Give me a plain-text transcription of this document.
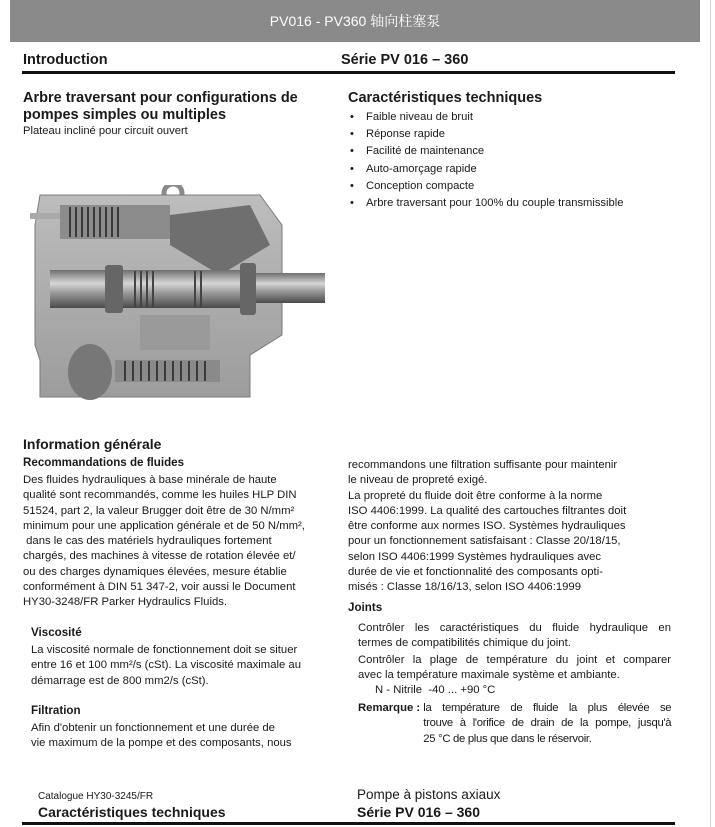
PV016 - PV360 轴向柱塞泵
Introduction	Série PV 016 – 360
Arbre traversant pour configurations de
pompes simples ou multiples
Plateau incliné pour circuit ouvert
Caractéristiques techniques
• Faible niveau de bruit
• Réponse rapide
• Facilité de maintenance
• Auto-amorçage rapide
• Conception compacte
• Arbre traversant pour 100% du couple transmissible
Information générale
Recommandations de fluides
Des fluides hydrauliques à base minérale de haute
qualité sont recommandés, comme les huiles HLP DIN
51524, part 2, la valeur Brugger doit être de 30 N/mm²
minimum pour une application générale et de 50 N/mm²,
dans le cas des matériels hydrauliques fortement
chargés, des machines à vitesse de rotation élevée et/
ou des charges dynamiques élevées, mesure établie
conformément à DIN 51 347-2, voir aussi le Document
HY30-3248/FR Parker Hydraulics Fluids.
Viscosité
La viscosité normale de fonctionnement doit se situer
entre 16 et 100 mm²/s (cSt). La viscosité maximale au
démarrage est de 800 mm2/s (cSt).
Filtration
Afin d'obtenir un fonctionnement et une durée de
vie maximum de la pompe et des composants, nous
recommandons une filtration suffisante pour maintenir
le niveau de propreté exigé.
La propreté du fluide doit être conforme à la norme
ISO 4406:1999. La qualité des cartouches filtrantes doit
être conforme aux normes ISO. Systèmes hydrauliques
pour un fonctionnement satisfaisant : Classe 20/18/15,
selon ISO 4406:1999 Systèmes hydrauliques avec
durée de vie et fonctionnalité des composants opti-
misés : Classe 18/16/13, selon ISO 4406:1999
Joints
Contrôler les caractéristiques du fluide hydraulique en
termes de compatibilités chimique du joint.
Contrôler la plage de température du joint et comparer
avec la température maximale système et ambiante.
N - Nitrile  -40 ... +90 °C
Remarque : la température de fluide la plus élevée se
trouve à l'orifice de drain de la pompe, jusqu'à
25 °C de plus que dans le réservoir.
Catalogue HY30-3245/FR
Caractéristiques techniques
Pompe à pistons axiaux
Série PV 016 – 360
